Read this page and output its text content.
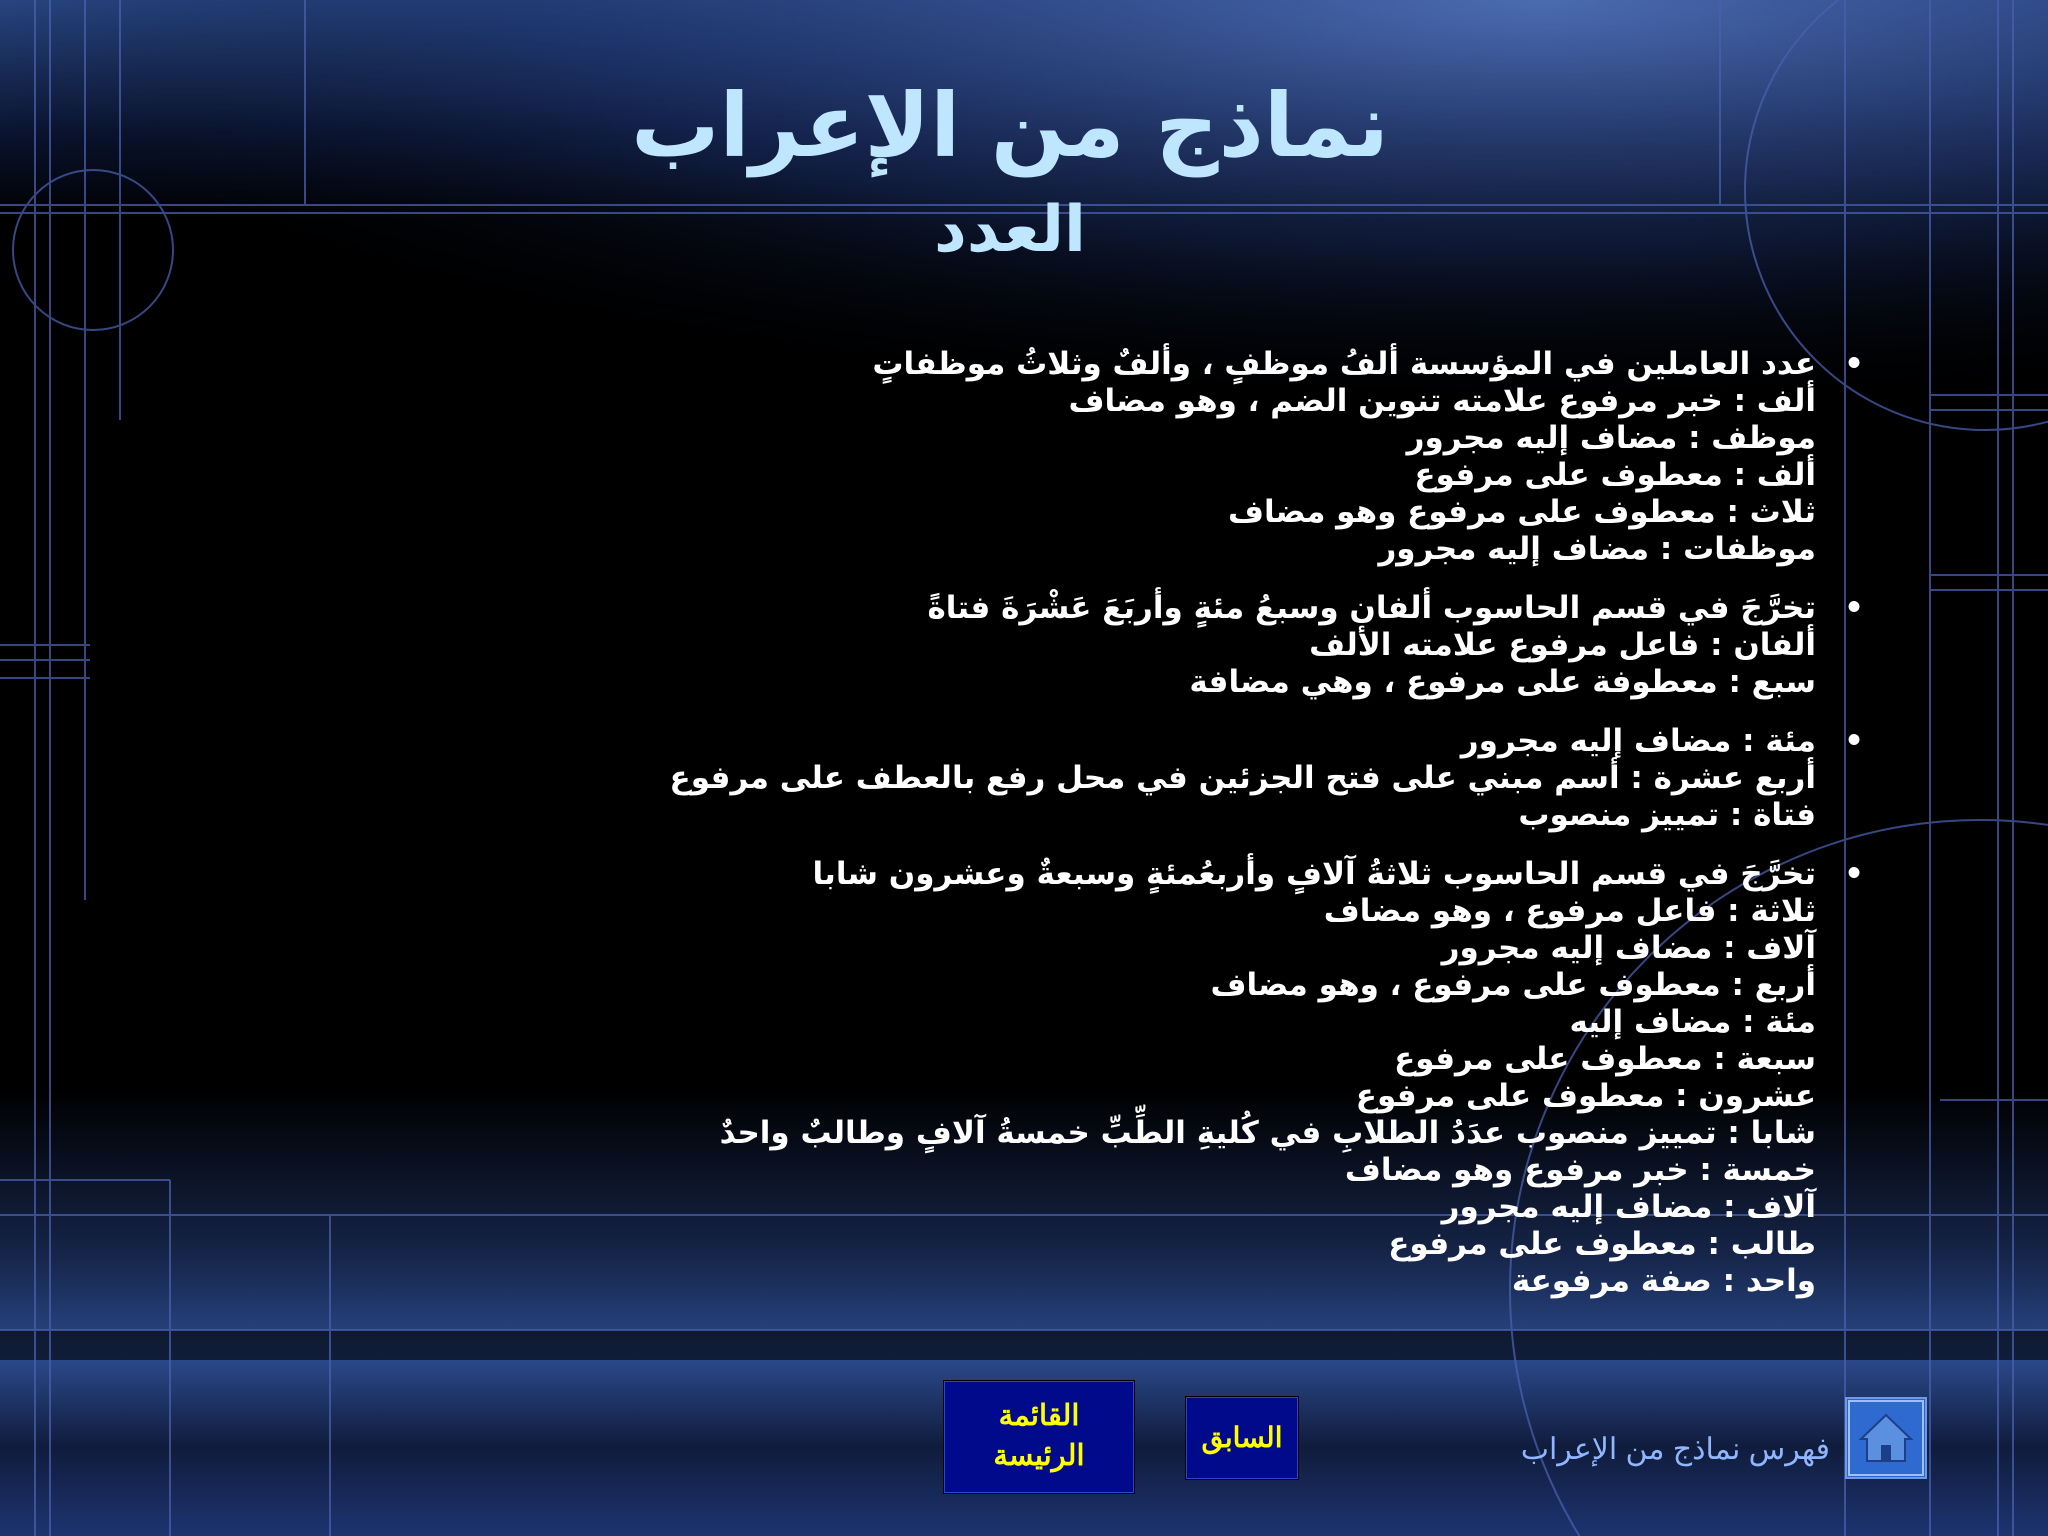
نماذج من الإعراب
العدد
•
عدد العاملين في المؤسسة ألفُ موظفٍ ، وألفٌ وثلاثُ موظفاتٍ
ألف : خبر مرفوع علامته تنوين الضم ، وهو مضاف
موظف : مضاف إليه مجرور
ألف : معطوف على مرفوع
ثلاث : معطوف على مرفوع وهو مضاف
موظفات : مضاف إليه مجرور
•
تخرَّجَ في قسم الحاسوب ألفان وسبعُ مئةٍ وأربَعَ عَشْرَةَ فتاةً
ألفان : فاعل مرفوع علامته الألف
سبع : معطوفة على مرفوع ، وهي مضافة
•
مئة : مضاف إليه مجرور
أربع عشرة : أسم مبني على فتح الجزئين في محل رفع بالعطف على مرفوع
فتاة : تمييز منصوب
•
تخرَّجَ في قسم الحاسوب ثلاثةُ آلافٍ وأربعُمئةٍ وسبعةٌ وعشرون شابا
ثلاثة : فاعل مرفوع ، وهو مضاف
آلاف : مضاف إليه مجرور
أربع : معطوف على مرفوع ، وهو مضاف
مئة : مضاف إليه
سبعة : معطوف على مرفوع
عشرون : معطوف على مرفوع
شابا : تمييز منصوب عدَدُ الطلابِ في كُليةِ الطِّبِّ خمسةُ آلافٍ وطالبٌ واحدٌ
خمسة : خبر مرفوع وهو مضاف
آلاف : مضاف إليه مجرور
طالب : معطوف على مرفوع
واحد : صفة مرفوعة
القائمة
الرئيسة
السابق	فهرس نماذج من الإعراب
